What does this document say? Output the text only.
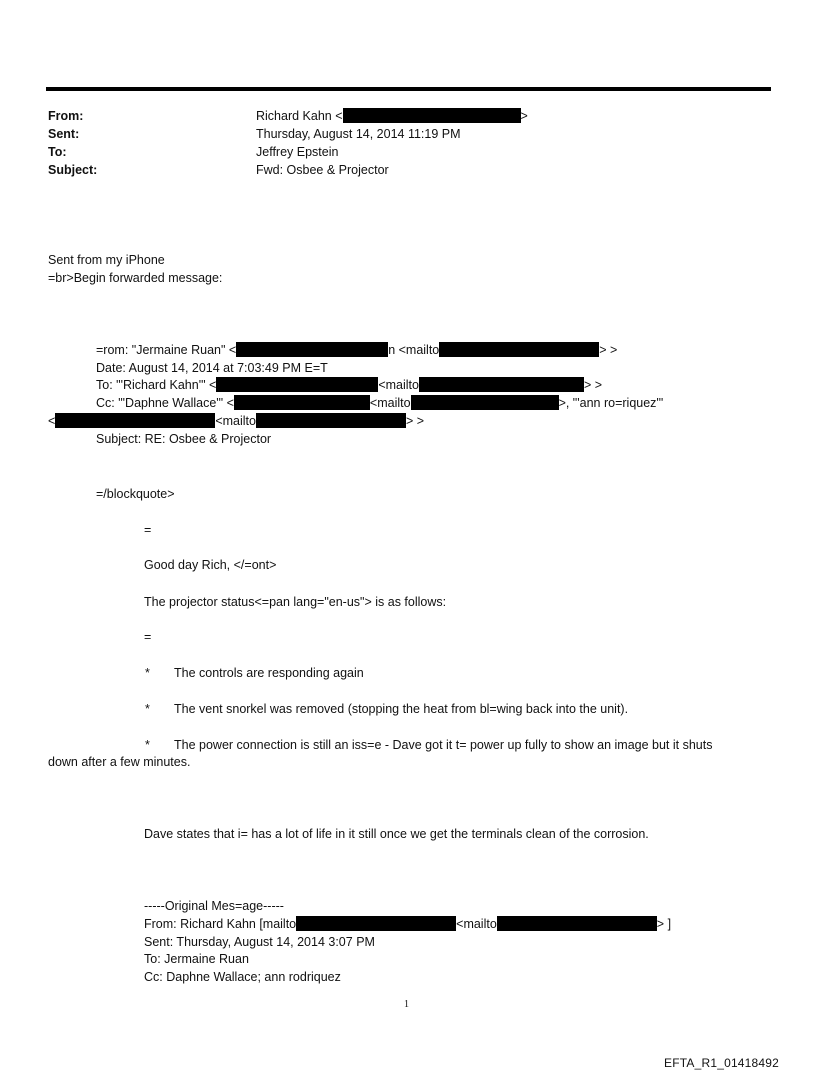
From:	Richard Kahn <	>
Sent:	Thursday, August 14, 2014 11:19 PM
To:	Jeffrey Epstein
Subject:	Fwd: Osbee & Projector
Sent from my iPhone
=br>Begin forwarded message:
=rom: "Jermaine Ruan" <	n <mailto	> >
Date: August 14, 2014 at 7:03:49 PM E=T
To: "'Richard Kahn'" <	<mailto	> >
Cc: "'Daphne Wallace'" <	<mailto	>, "'ann ro=riquez'"
<	<mailto	> >
Subject: RE: Osbee & Projector
=/blockquote>
=
Good day Rich, </=ont>
The projector status<=pan lang="en-us"> is as follows:
=
* The controls are responding again
* The vent snorkel was removed (stopping the heat from bl=wing back into the unit).
* The power connection is still an iss=e - Dave got it t= power up fully to show an image but it shuts
down after a few minutes.
Dave states that i= has a lot of life in it still once we get the terminals clean of the corrosion.
-----Original Mes=age-----
From: Richard Kahn [mailto	<mailto	> ]
Sent: Thursday, August 14, 2014 3:07 PM
To: Jermaine Ruan
Cc: Daphne Wallace; ann rodriquez
1
EFTA_R1_01418492
